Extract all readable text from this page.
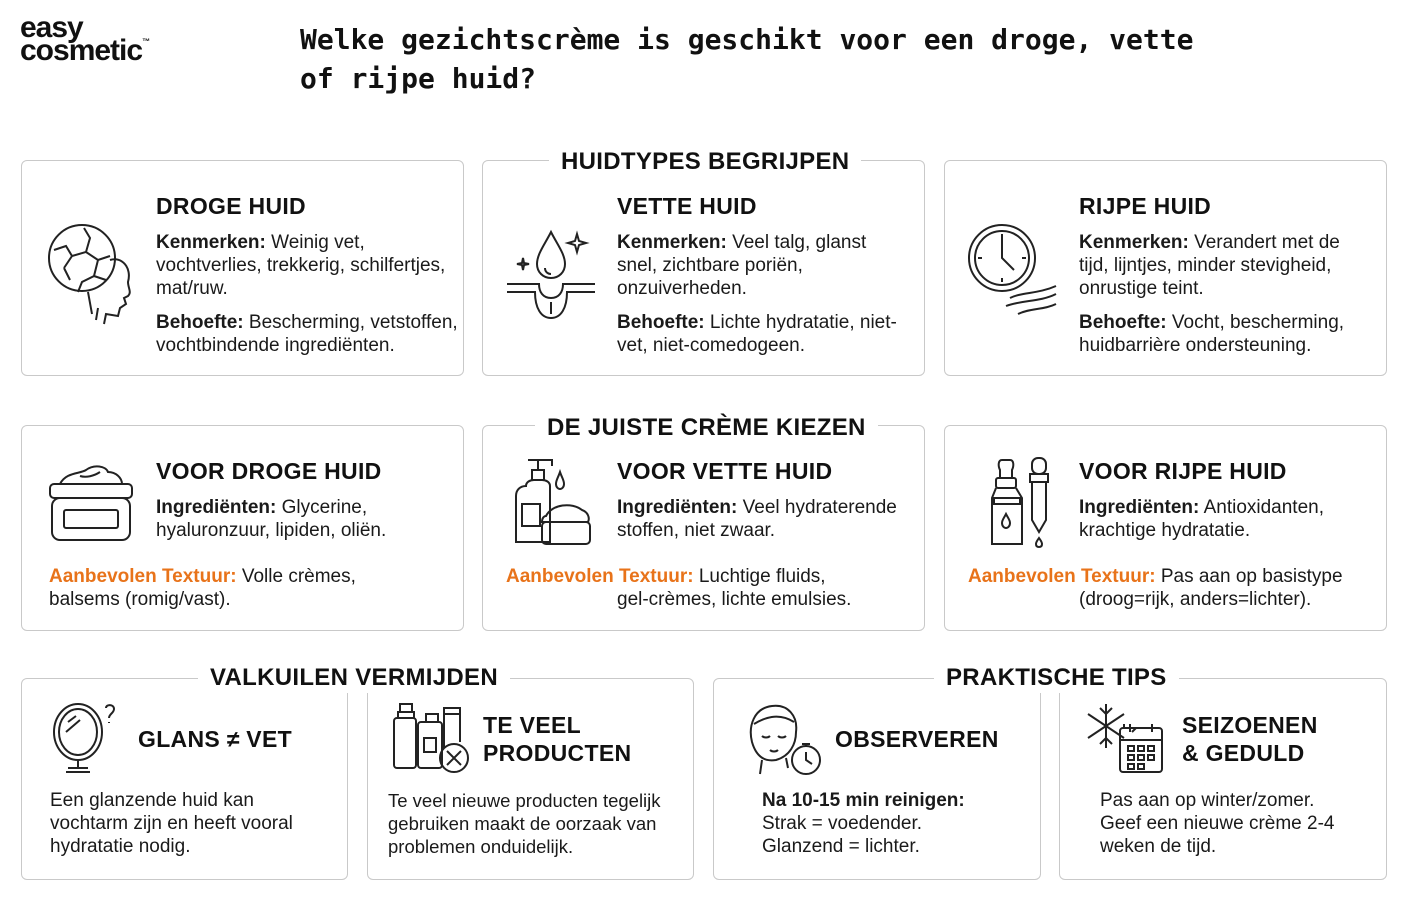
easy
cosmetic™	Welke gezichtscrème is geschikt voor een droge, vette of rijpe huid?
HUIDTYPES BEGRIJPEN
DROGE HUID
Kenmerken: Weinig vet, vochtverlies, trekkerig, schilfertjes, mat/ruw.
Behoefte: Bescherming, vetstoffen, vochtbindende ingrediënten.
VETTE HUID
Kenmerken: Veel talg, glanst snel, zichtbare poriën, onzuiverheden.
Behoefte: Lichte hydratatie, niet-vet, niet-comedogeen.
RIJPE HUID
Kenmerken: Verandert met de tijd, lijntjes, minder stevigheid, onrustige teint.
Behoefte: Vocht, bescherming, huidbarrière ondersteuning.
DE JUISTE CRÈME KIEZEN
VOOR DROGE HUID
Ingrediënten: Glycerine, hyaluronzuur, lipiden, oliën.
Aanbevolen Textuur: Volle crèmes,
balsems (romig/vast).
VOOR VETTE HUID
Ingrediënten: Veel hydraterende stoffen, niet zwaar.
Aanbevolen Textuur: Luchtige fluids,
gel-crèmes, lichte emulsies.
VOOR RIJPE HUID
Ingrediënten: Antioxidanten, krachtige hydratatie.
Aanbevolen Textuur: Pas aan op basistype
(droog=rijk, anders=lichter).
VALKUILEN VERMIJDEN	PRAKTISCHE TIPS
GLANS ≠ VET
Een glanzende huid kan vochtarm zijn en heeft vooral hydratatie nodig.
TE VEEL
PRODUCTEN
Te veel nieuwe producten tegelijk gebruiken maakt de oorzaak van problemen onduidelijk.
OBSERVEREN
Na 10-15 min reinigen:
Strak = voedender.
Glanzend = lichter.
SEIZOENEN
& GEDULD
Pas aan op winter/zomer. Geef een nieuwe crème 2-4 weken de tijd.
